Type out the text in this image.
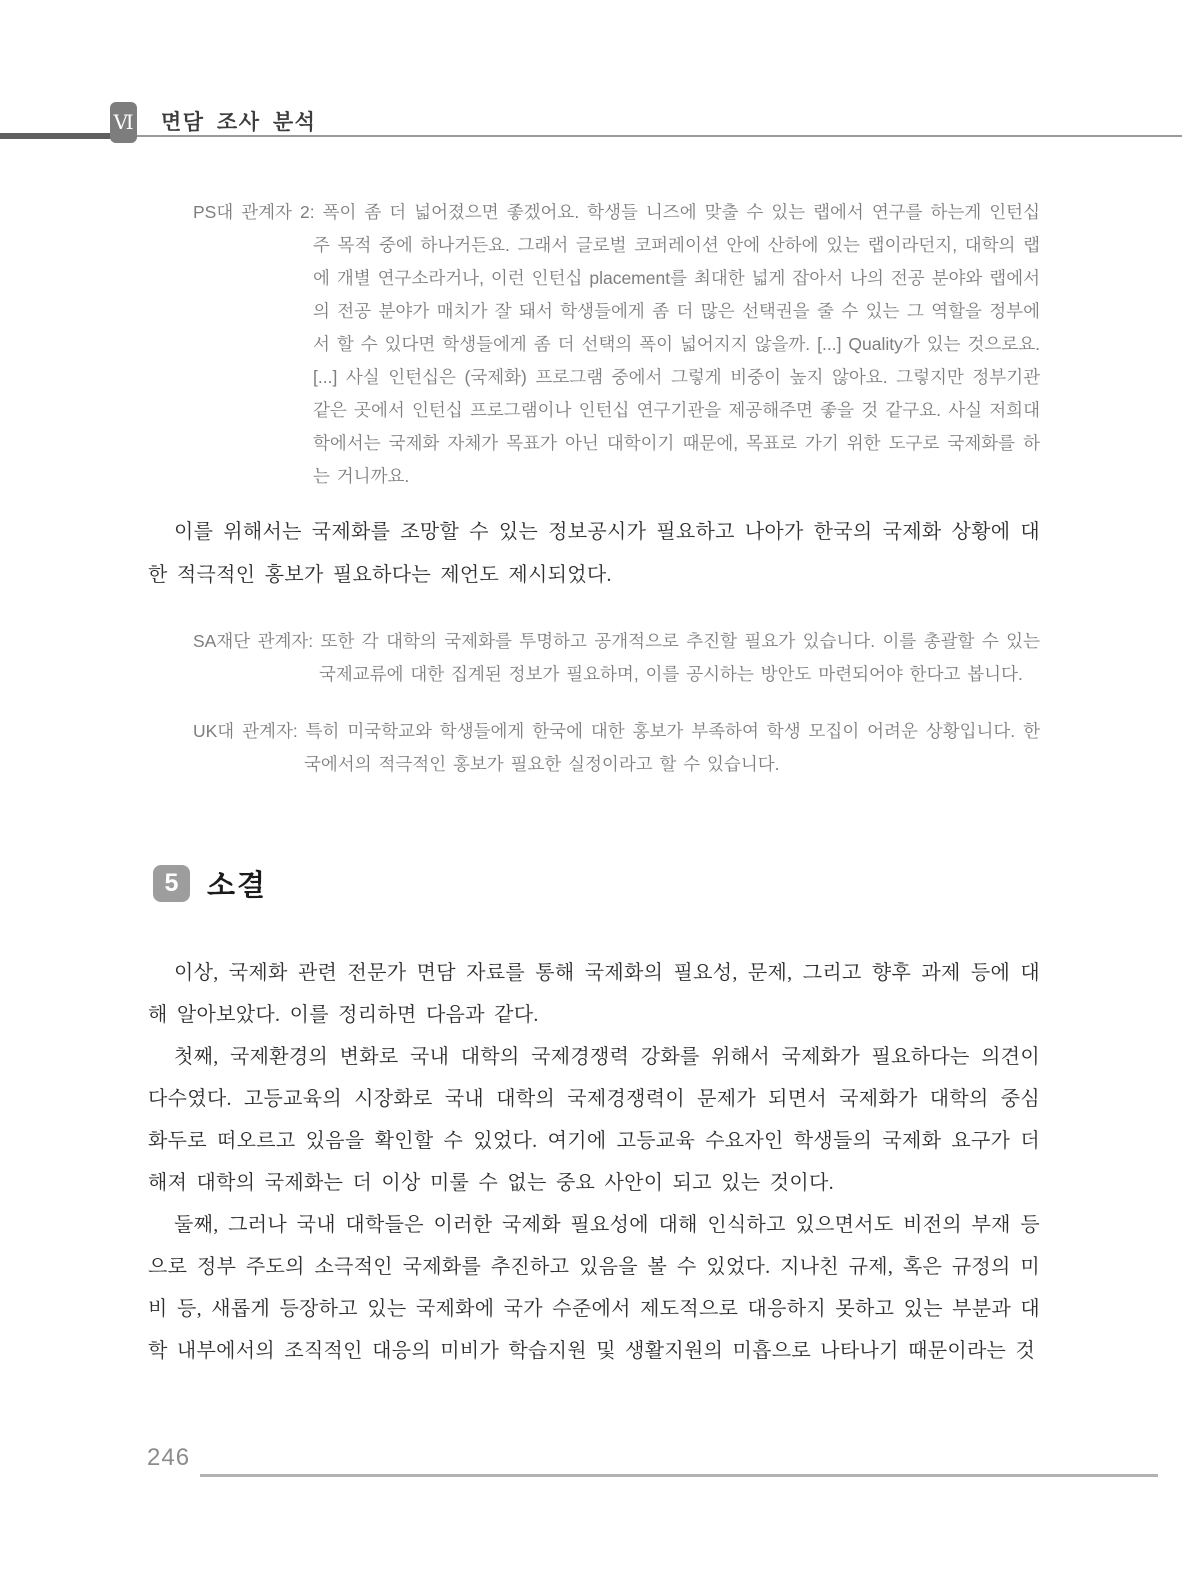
Ⅵ 면담 조사 분석

PS대 관계자 2: 폭이 좀 더 넓어졌으면 좋겠어요. 학생들 니즈에 맞출 수 있는 랩에서 연구를 하는게 인턴십 주 목적 중에 하나거든요. 그래서 글로벌 코퍼레이션 안에 산하에 있는 랩이라던지, 대학의 랩에 개별 연구소라거나, 이런 인턴십 placement를 최대한 넓게 잡아서 나의 전공 분야와 랩에서의 전공 분야가 매치가 잘 돼서 학생들에게 좀 더 많은 선택권을 줄 수 있는 그 역할을 정부에서 할 수 있다면 학생들에게 좀 더 선택의 폭이 넓어지지 않을까. [...] Quality가 있는 것으로요. [...] 사실 인턴십은 (국제화) 프로그램 중에서 그렇게 비중이 높지 않아요. 그렇지만 정부기관 같은 곳에서 인턴십 프로그램이나 인턴십 연구기관을 제공해주면 좋을 것 같구요. 사실 저희대학에서는 국제화 자체가 목표가 아닌 대학이기 때문에, 목표로 가기 위한 도구로 국제화를 하는 거니까요.

이를 위해서는 국제화를 조망할 수 있는 정보공시가 필요하고 나아가 한국의 국제화 상황에 대한 적극적인 홍보가 필요하다는 제언도 제시되었다.

SA재단 관계자: 또한 각 대학의 국제화를 투명하고 공개적으로 추진할 필요가 있습니다. 이를 총괄할 수 있는 국제교류에 대한 집계된 정보가 필요하며, 이를 공시하는 방안도 마련되어야 한다고 봅니다.

UK대 관계자: 특히 미국학교와 학생들에게 한국에 대한 홍보가 부족하여 학생 모집이 어려운 상황입니다. 한국에서의 적극적인 홍보가 필요한 실정이라고 할 수 있습니다.

5 소결

이상, 국제화 관련 전문가 면담 자료를 통해 국제화의 필요성, 문제, 그리고 향후 과제 등에 대해 알아보았다. 이를 정리하면 다음과 같다.

첫째, 국제환경의 변화로 국내 대학의 국제경쟁력 강화를 위해서 국제화가 필요하다는 의견이 다수였다. 고등교육의 시장화로 국내 대학의 국제경쟁력이 문제가 되면서 국제화가 대학의 중심 화두로 떠오르고 있음을 확인할 수 있었다. 여기에 고등교육 수요자인 학생들의 국제화 요구가 더해져 대학의 국제화는 더 이상 미룰 수 없는 중요 사안이 되고 있는 것이다.

둘째, 그러나 국내 대학들은 이러한 국제화 필요성에 대해 인식하고 있으면서도 비전의 부재 등으로 정부 주도의 소극적인 국제화를 추진하고 있음을 볼 수 있었다. 지나친 규제, 혹은 규정의 미비 등, 새롭게 등장하고 있는 국제화에 국가 수준에서 제도적으로 대응하지 못하고 있는 부분과 대학 내부에서의 조직적인 대응의 미비가 학습지원 및 생활지원의 미흡으로 나타나기 때문이라는 것

246
